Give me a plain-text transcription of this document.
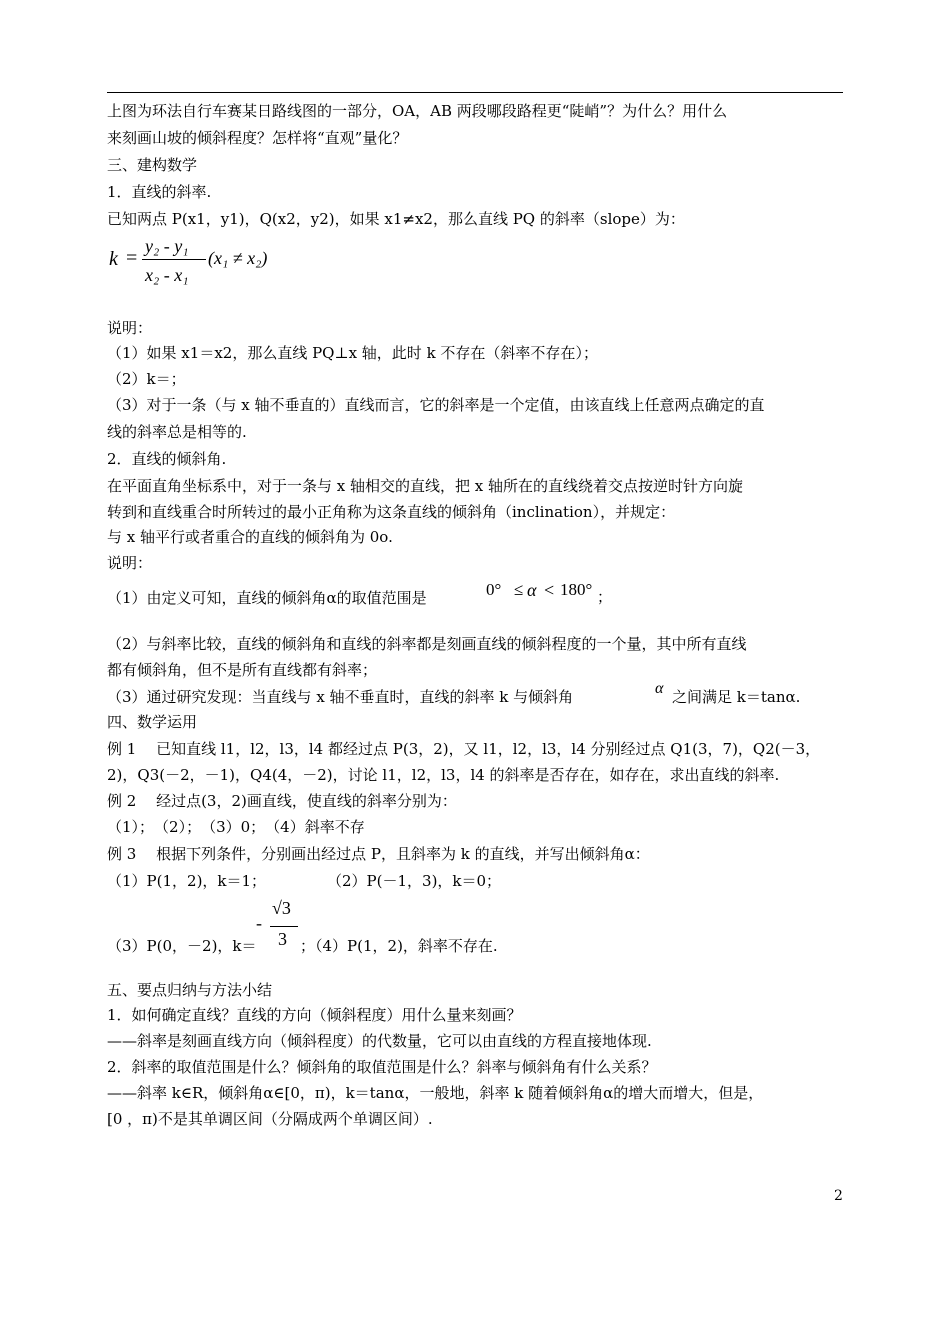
上图为环法自行车赛某日路线图的一部分，OA，AB 两段哪段路程更“陡峭”？为什么？用什么
来刻画山坡的倾斜程度？怎样将“直观”量化？
三、建构数学
1．直线的斜率.
已知两点 P(x1，y1)，Q(x2，y2)，如果 x1≠x2，那么直线 PQ 的斜率（slope）为：
k =
y₂ - y₁
x₂ - x₁
(x₁ ≠ x₂)
说明：
（1）如果 x1＝x2，那么直线 PQ⊥x 轴，此时 k 不存在（斜率不存在）；
（2）k＝；
（3）对于一条（与 x 轴不垂直的）直线而言，它的斜率是一个定值，由该直线上任意两点确定的直
线的斜率总是相等的.
2．直线的倾斜角.
在平面直角坐标系中，对于一条与 x 轴相交的直线，把 x 轴所在的直线绕着交点按逆时针方向旋
转到和直线重合时所转过的最小正角称为这条直线的倾斜角（inclination），并规定：
与 x 轴平行或者重合的直线的倾斜角为 0o.
说明：
（1）由定义可知，直线的倾斜角α的取值范围是	0° ≤ α < 180° ；
（2）与斜率比较，直线的倾斜角和直线的斜率都是刻画直线的倾斜程度的一个量，其中所有直线
都有倾斜角，但不是所有直线都有斜率；
（3）通过研究发现：当直线与 x 轴不垂直时，直线的斜率 k 与倾斜角	α 之间满足 k＝tanα.
四、数学运用
例 1　 已知直线 l1，l2，l3，l4 都经过点 P(3，2)，又 l1，l2，l3，l4 分别经过点 Q1(3，7)，Q2(－3，
2)，Q3(－2，－1)，Q4(4，－2)，讨论 l1，l2，l3，l4 的斜率是否存在，如存在，求出直线的斜率.
例 2　 经过点(3，2)画直线，使直线的斜率分别为：
（1）；　（2）；　（3）0；　（4）斜率不存
例 3　 根据下列条件，分别画出经过点 P，且斜率为 k 的直线，并写出倾斜角α：
（1）P(1，2)，k＝1；	（2）P(－1，3)，k＝0；
（3）P(0，－2)，k＝
-
√3
3 ；（4）P(1，2)，斜率不存在.
五、要点归纳与方法小结
1．如何确定直线？直线的方向（倾斜程度）用什么量来刻画？
——斜率是刻画直线方向（倾斜程度）的代数量，它可以由直线的方程直接地体现.
2．斜率的取值范围是什么？倾斜角的取值范围是什么？斜率与倾斜角有什么关系？
——斜率 k∈R，倾斜角α∈[0，π)，k＝tanα，一般地，斜率 k 随着倾斜角α的增大而增大，但是，
[0 ，π)不是其单调区间（分隔成两个单调区间）.
2
